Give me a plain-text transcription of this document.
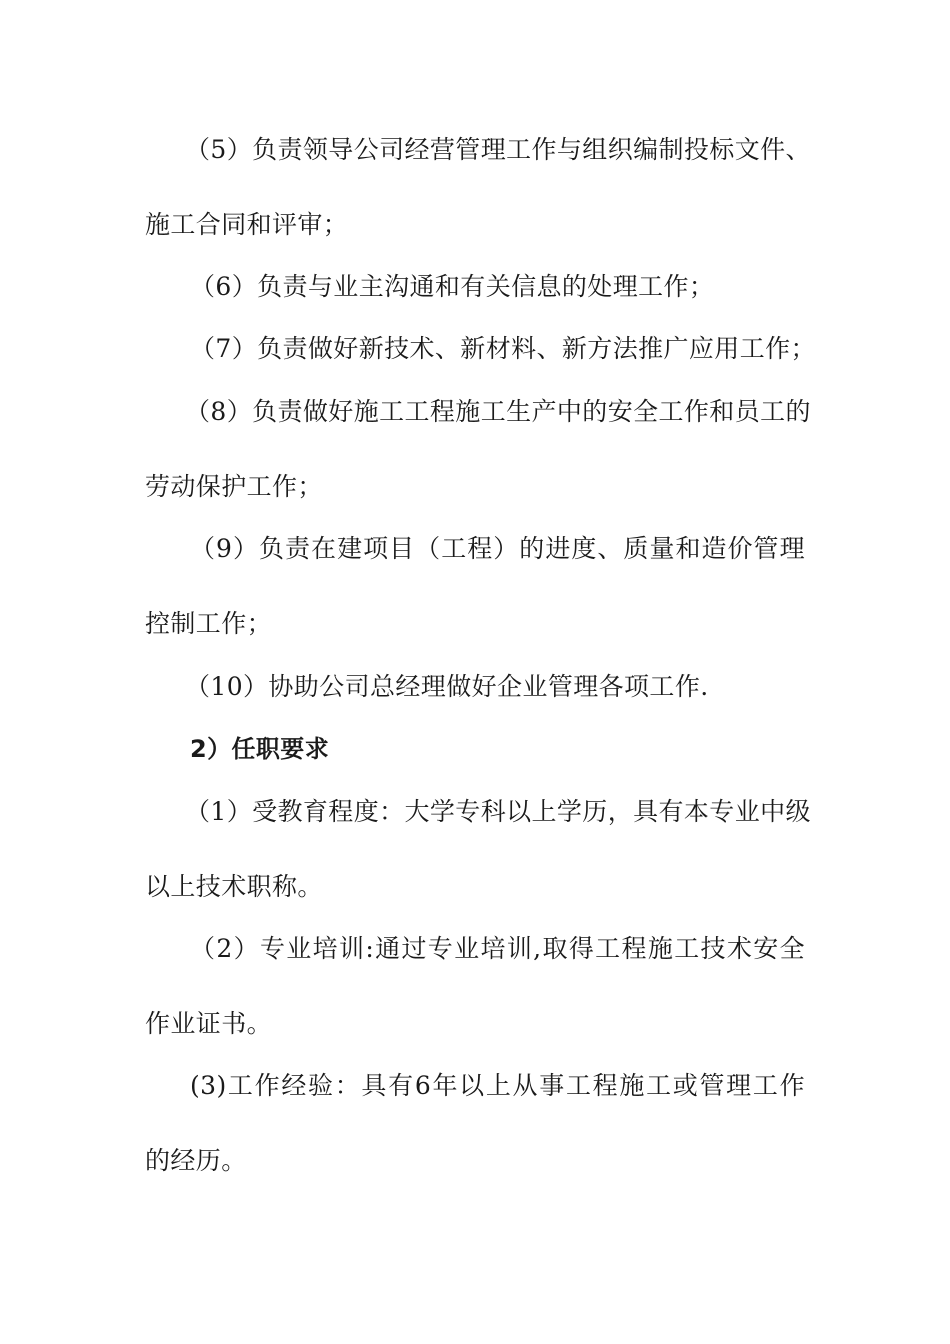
（5）负责领导公司经营管理工作与组织编制投标文件、
施工合同和评审；
（6）负责与业主沟通和有关信息的处理工作；
（7）负责做好新技术、新材料、新方法推广应用工作；
（8）负责做好施工工程施工生产中的安全工作和员工的
劳动保护工作；
（9）负责在建项目（工程）的进度、质量和造价管理
控制工作；
（10）协助公司总经理做好企业管理各项工作.
2）任职要求
（1）受教育程度：大学专科以上学历，具有本专业中级
以上技术职称。
（2）专业培训:通过专业培训,取得工程施工技术安全
作业证书。
(3)工作经验：具有6年以上从事工程施工或管理工作
的经历。
